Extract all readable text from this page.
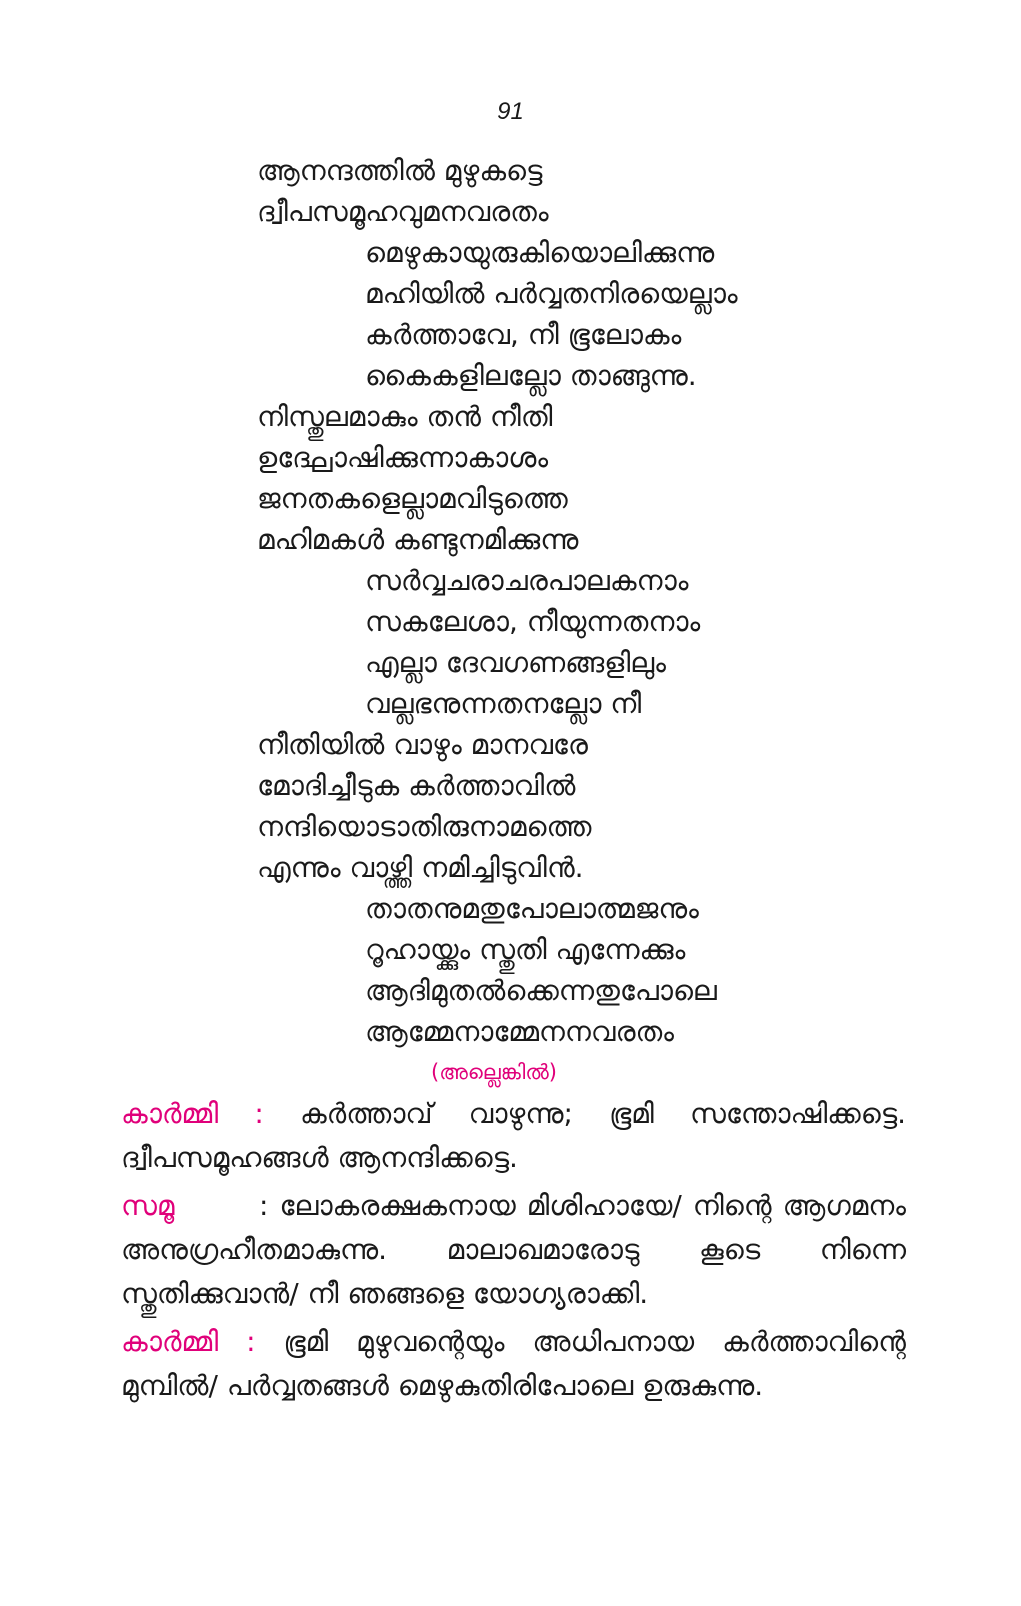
91
ആനന്ദത്തിൽ മുഴുകട്ടെ
ദ്വീപസമൂഹവുമനവരതം
മെഴുകായുരുകിയൊലിക്കുന്നു
മഹിയിൽ പർവ്വതനിരയെല്ലാം
കർത്താവേ, നീ ഭൂലോകം
കൈകളിലല്ലോ താങ്ങുന്നു.
നിസ്തുലമാകും തൻ നീതി
ഉദ്ഘോഷിക്കുന്നാകാശം
ജനതകളെല്ലാമവിടുത്തെ
മഹിമകൾ കണ്ടുനമിക്കുന്നു
സർവ്വചരാചരപാലകനാം
സകലേശാ, നീയുന്നതനാം
എല്ലാ ദേവഗണങ്ങളിലും
വല്ലഭനുന്നതനല്ലോ നീ
നീതിയിൽ വാഴും മാനവരേ
മോദിച്ചീടുക കർത്താവിൽ
നന്ദിയൊടാതിരുനാമത്തെ
എന്നും വാഴ്ത്തി നമിച്ചിടുവിൻ.
താതനുമതുപോലാത്മജനും
റൂഹായ്ക്കും സ്തുതി എന്നേക്കും
ആദിമുതൽക്കെന്നതുപോലെ
ആമ്മേനാമ്മേനനവരതം
(അല്ലെങ്കിൽ)
കാർമ്മി : കർത്താവ് വാഴുന്നു; ഭൂമി സന്തോഷിക്കട്ടെ. ദ്വീപസമൂഹങ്ങൾ ആനന്ദിക്കട്ടെ.
സമൂ	: ലോകരക്ഷകനായ മിശിഹായേ/ നിന്റെ ആഗമനം അനുഗ്രഹീതമാകുന്നു. മാലാഖമാരോടു കൂടെ നിന്നെ സ്തുതിക്കുവാൻ/ നീ ഞങ്ങളെ യോഗ്യരാക്കി.
കാർമ്മി : ഭൂമി മുഴുവന്റെയും അധിപനായ കർത്താവിന്റെ മുമ്പിൽ/ പർവ്വതങ്ങൾ മെഴുകുതിരിപോലെ ഉരുകുന്നു.
